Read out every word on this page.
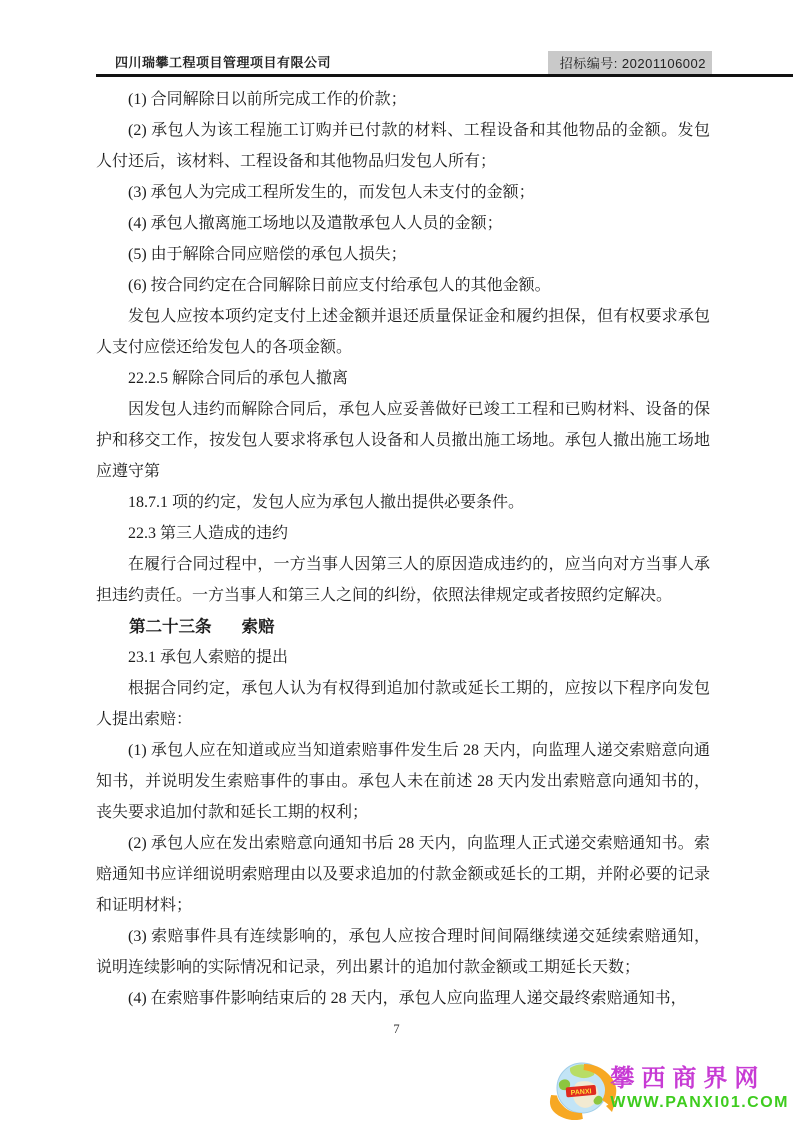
四川瑞攀工程项目管理项目有限公司	招标编号: 20201106002

(1) 合同解除日以前所完成工作的价款；

(2) 承包人为该工程施工订购并已付款的材料、工程设备和其他物品的金额。发包人付还后，该材料、工程设备和其他物品归发包人所有；

(3) 承包人为完成工程所发生的，而发包人未支付的金额；

(4) 承包人撤离施工场地以及遣散承包人人员的金额；

(5) 由于解除合同应赔偿的承包人损失；

(6) 按合同约定在合同解除日前应支付给承包人的其他金额。

发包人应按本项约定支付上述金额并退还质量保证金和履约担保，但有权要求承包人支付应偿还给发包人的各项金额。

22.2.5 解除合同后的承包人撤离

因发包人违约而解除合同后，承包人应妥善做好已竣工工程和已购材料、设备的保护和移交工作，按发包人要求将承包人设备和人员撤出施工场地。承包人撤出施工场地应遵守第

18.7.1 项的约定，发包人应为承包人撤出提供必要条件。

22.3 第三人造成的违约

在履行合同过程中，一方当事人因第三人的原因造成违约的，应当向对方当事人承担违约责任。一方当事人和第三人之间的纠纷，依照法律规定或者按照约定解决。

第二十三条 索赔

23.1 承包人索赔的提出

根据合同约定，承包人认为有权得到追加付款或延长工期的，应按以下程序向发包人提出索赔：

(1) 承包人应在知道或应当知道索赔事件发生后 28 天内，向监理人递交索赔意向通知书，并说明发生索赔事件的事由。承包人未在前述 28 天内发出索赔意向通知书的，丧失要求追加付款和延长工期的权利；

(2) 承包人应在发出索赔意向通知书后 28 天内，向监理人正式递交索赔通知书。索赔通知书应详细说明索赔理由以及要求追加的付款金额或延长的工期，并附必要的记录和证明材料；

(3) 索赔事件具有连续影响的，承包人应按合理时间间隔继续递交延续索赔通知，说明连续影响的实际情况和记录，列出累计的追加付款金额或工期延长天数；

(4) 在索赔事件影响结束后的 28 天内，承包人应向监理人递交最终索赔通知书，

7
PANXI
攀西商界网
WWW.PANXI01.COM
